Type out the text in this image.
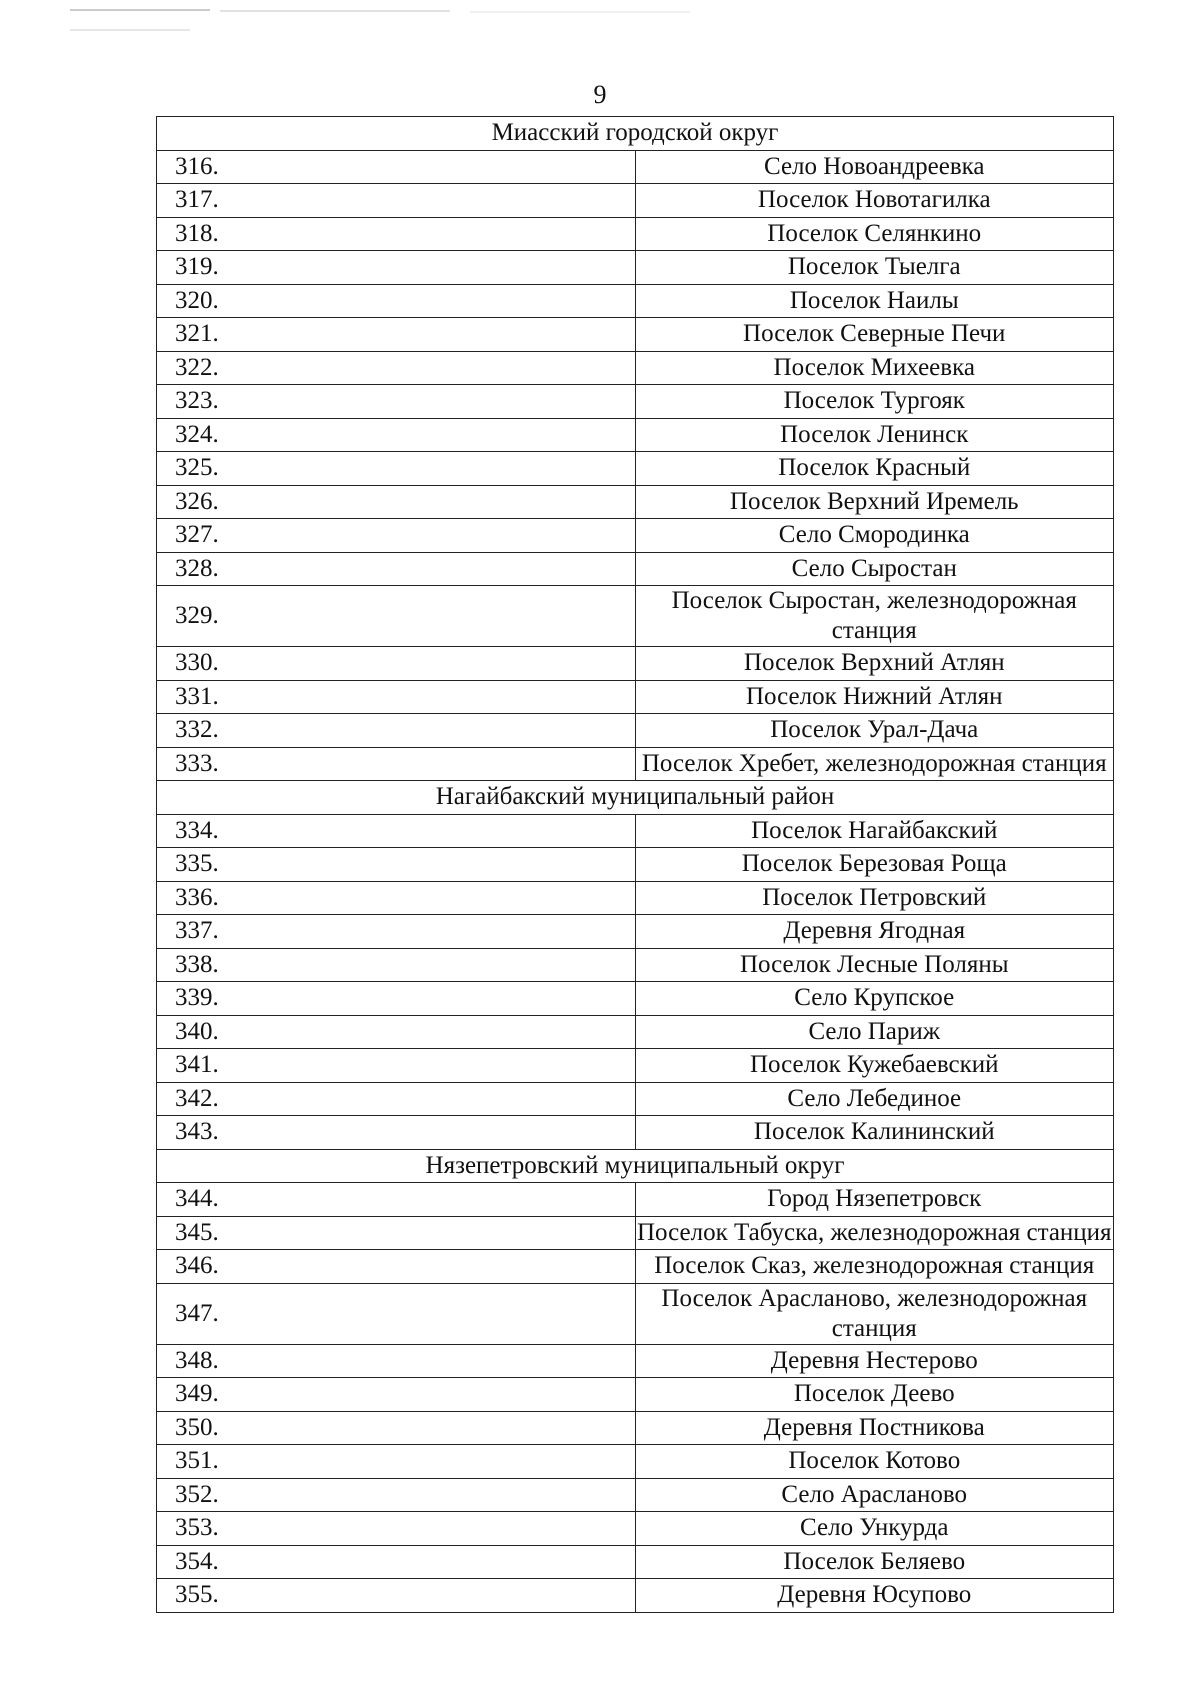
9
Миасский городской округ	
316.	Село Новоандреевка
317.	Поселок Новотагилка
318.	Поселок Селянкино
319.	Поселок Тыелга
320.	Поселок Наилы
321.	Поселок Северные Печи
322.	Поселок Михеевка
323.	Поселок Тургояк
324.	Поселок Ленинск
325.	Поселок Красный
326.	Поселок Верхний Иремель
327.	Село Смородинка
328.	Село Сыростан
329.	Поселок Сыростан, железнодорожная станция
330.	Поселок Верхний Атлян
331.	Поселок Нижний Атлян
332.	Поселок Урал-Дача
333.	Поселок Хребет, железнодорожная станция
Нагайбакский муниципальный район	
334.	Поселок Нагайбакский
335.	Поселок Березовая Роща
336.	Поселок Петровский
337.	Деревня Ягодная
338.	Поселок Лесные Поляны
339.	Село Крупское
340.	Село Париж
341.	Поселок Кужебаевский
342.	Село Лебединое
343.	Поселок Калининский
Нязепетровский муниципальный округ	
344.	Город Нязепетровск
345.	Поселок Табуска, железнодорожная станция
346.	Поселок Сказ, железнодорожная станция
347.	Поселок Арасланово, железнодорожная станция
348.	Деревня Нестерово
349.	Поселок Деево
350.	Деревня Постникова
351.	Поселок Котово
352.	Село Арасланово
353.	Село Ункурда
354.	Поселок Беляево
355.	Деревня Юсупово
